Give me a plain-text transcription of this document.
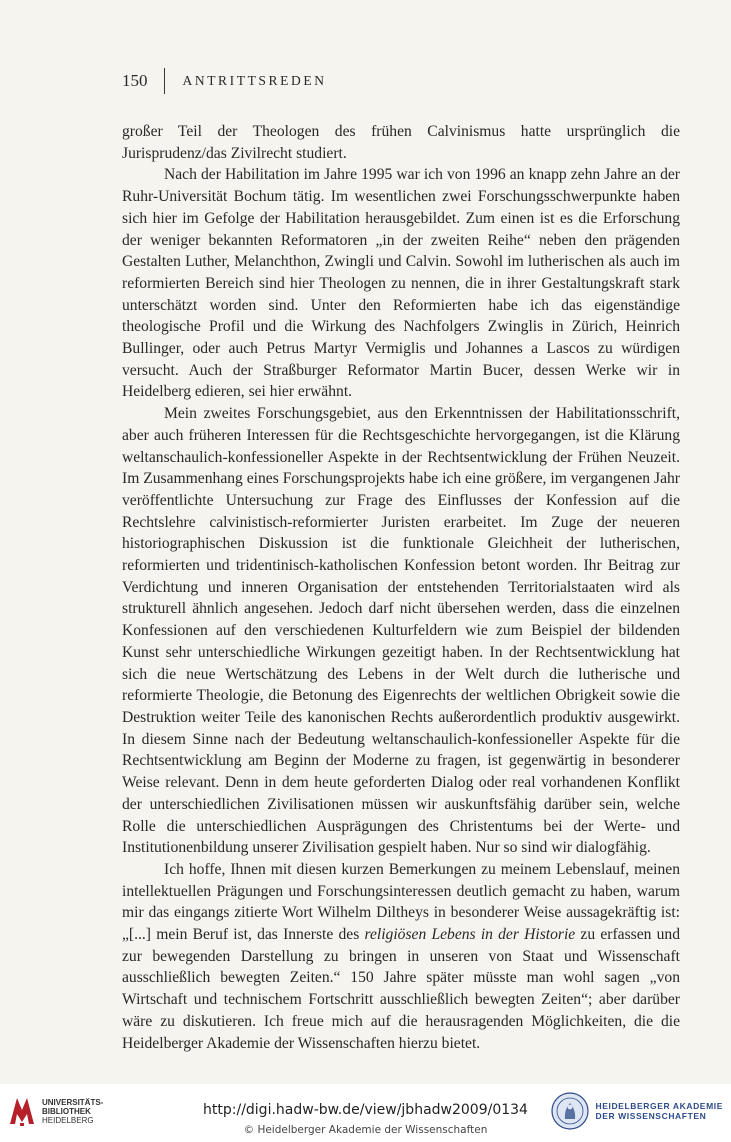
150	ANTRITTSREDEN

großer Teil der Theologen des frühen Calvinismus hatte ursprünglich die Jurisprudenz/das Zivilrecht studiert.

Nach der Habilitation im Jahre 1995 war ich von 1996 an knapp zehn Jahre an der Ruhr-Universität Bochum tätig. Im wesentlichen zwei Forschungsschwerpunkte haben sich hier im Gefolge der Habilitation herausgebildet. Zum einen ist es die Erforschung der weniger bekannten Reformatoren „in der zweiten Reihe“ neben den prägenden Gestalten Luther, Melanchthon, Zwingli und Calvin. Sowohl im lutherischen als auch im reformierten Bereich sind hier Theologen zu nennen, die in ihrer Gestaltungskraft stark unterschätzt worden sind. Unter den Reformierten habe ich das eigenständige theologische Profil und die Wirkung des Nachfolgers Zwinglis in Zürich, Heinrich Bullinger, oder auch Petrus Martyr Vermiglis und Johannes a Lascos zu würdigen versucht. Auch der Straßburger Reformator Martin Bucer, dessen Werke wir in Heidelberg edieren, sei hier erwähnt.

Mein zweites Forschungsgebiet, aus den Erkenntnissen der Habilitationsschrift, aber auch früheren Interessen für die Rechtsgeschichte hervorgegangen, ist die Klärung weltanschaulich-konfessioneller Aspekte in der Rechtsentwicklung der Frühen Neuzeit. Im Zusammenhang eines Forschungsprojekts habe ich eine größere, im vergangenen Jahr veröffentlichte Untersuchung zur Frage des Einflusses der Konfession auf die Rechtslehre calvinistisch-reformierter Juristen erarbeitet. Im Zuge der neueren historiographischen Diskussion ist die funktionale Gleichheit der lutherischen, reformierten und tridentinisch-katholischen Konfession betont worden. Ihr Beitrag zur Verdichtung und inneren Organisation der entstehenden Territorialstaaten wird als strukturell ähnlich angesehen. Jedoch darf nicht übersehen werden, dass die einzelnen Konfessionen auf den verschiedenen Kulturfeldern wie zum Beispiel der bildenden Kunst sehr unterschiedliche Wirkungen gezeitigt haben. In der Rechtsentwicklung hat sich die neue Wertschätzung des Lebens in der Welt durch die lutherische und reformierte Theologie, die Betonung des Eigenrechts der weltlichen Obrigkeit sowie die Destruktion weiter Teile des kanonischen Rechts außerordentlich produktiv ausgewirkt. In diesem Sinne nach der Bedeutung weltanschaulich-konfessioneller Aspekte für die Rechtsentwicklung am Beginn der Moderne zu fragen, ist gegenwärtig in besonderer Weise relevant. Denn in dem heute geforderten Dialog oder real vorhandenen Konflikt der unterschiedlichen Zivilisationen müssen wir auskunftsfähig darüber sein, welche Rolle die unterschiedlichen Ausprägungen des Christentums bei der Werte- und Institutionenbildung unserer Zivilisation gespielt haben. Nur so sind wir dialogfähig.

Ich hoffe, Ihnen mit diesen kurzen Bemerkungen zu meinem Lebenslauf, meinen intellektuellen Prägungen und Forschungsinteressen deutlich gemacht zu haben, warum mir das eingangs zitierte Wort Wilhelm Diltheys in besonderer Weise aussagekräftig ist: „[...] mein Beruf ist, das Innerste des religiösen Lebens in der Historie zu erfassen und zur bewegenden Darstellung zu bringen in unseren von Staat und Wissenschaft ausschließlich bewegten Zeiten.“ 150 Jahre später müsste man wohl sagen „von Wirtschaft und technischem Fortschritt ausschließlich bewegten Zeiten“; aber darüber wäre zu diskutieren. Ich freue mich auf die herausragenden Möglichkeiten, die die Heidelberger Akademie der Wissenschaften hierzu bietet.

UNIVERSITÄTS-
BIBLIOTHEK
HEIDELBERG
http://digi.hadw-bw.de/view/jbhadw2009/0134
© Heidelberger Akademie der Wissenschaften
HEIDELBERGER AKADEMIE
DER WISSENSCHAFTEN
